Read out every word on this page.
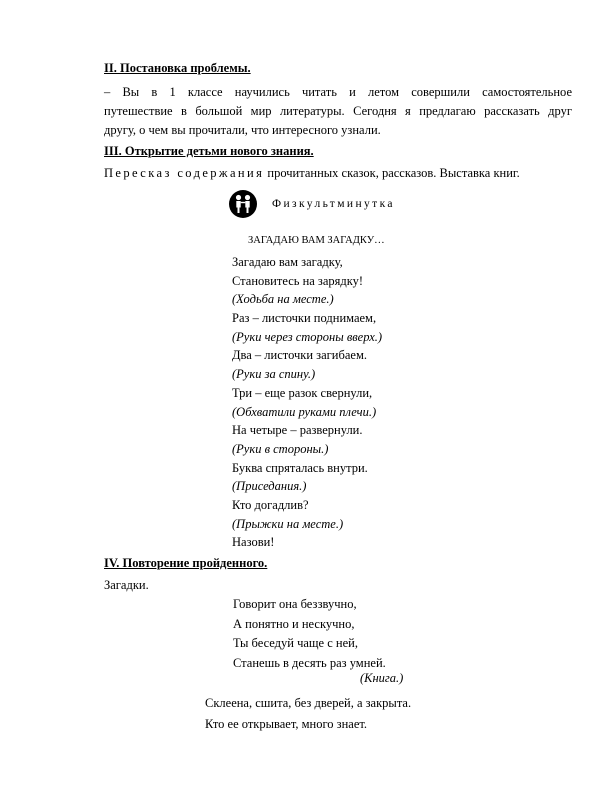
II. Постановка проблемы.
– Вы в 1 классе научились читать и летом совершили самостоятельное
путешествие в большой мир литературы. Сегодня я предлагаю рассказать друг
другу, о чем вы прочитали, что интересного узнали.
III. Открытие детьми нового знания.
Пересказ содержания прочитанных сказок, рассказов. Выставка книг.
Физкультминутка
ЗАГАДАЮ ВАМ ЗАГАДКУ…
Загадаю вам загадку,
Становитесь на зарядку!
(Ходьба на месте.)
Раз – листочки поднимаем,
(Руки через стороны вверх.)
Два – листочки загибаем.
(Руки за спину.)
Три – еще разок свернули,
(Обхватили руками плечи.)
На четыре – развернули.
(Руки в стороны.)
Буква спряталась внутри.
(Приседания.)
Кто догадлив?
(Прыжки на месте.)
Назови!
IV. Повторение пройденного.
Загадки.
Говорит она беззвучно,
А понятно и нескучно,
Ты беседуй чаще с ней,
Станешь в десять раз умней.
(Книга.)
Склеена, сшита, без дверей, а закрыта.
Кто ее открывает, много знает.
